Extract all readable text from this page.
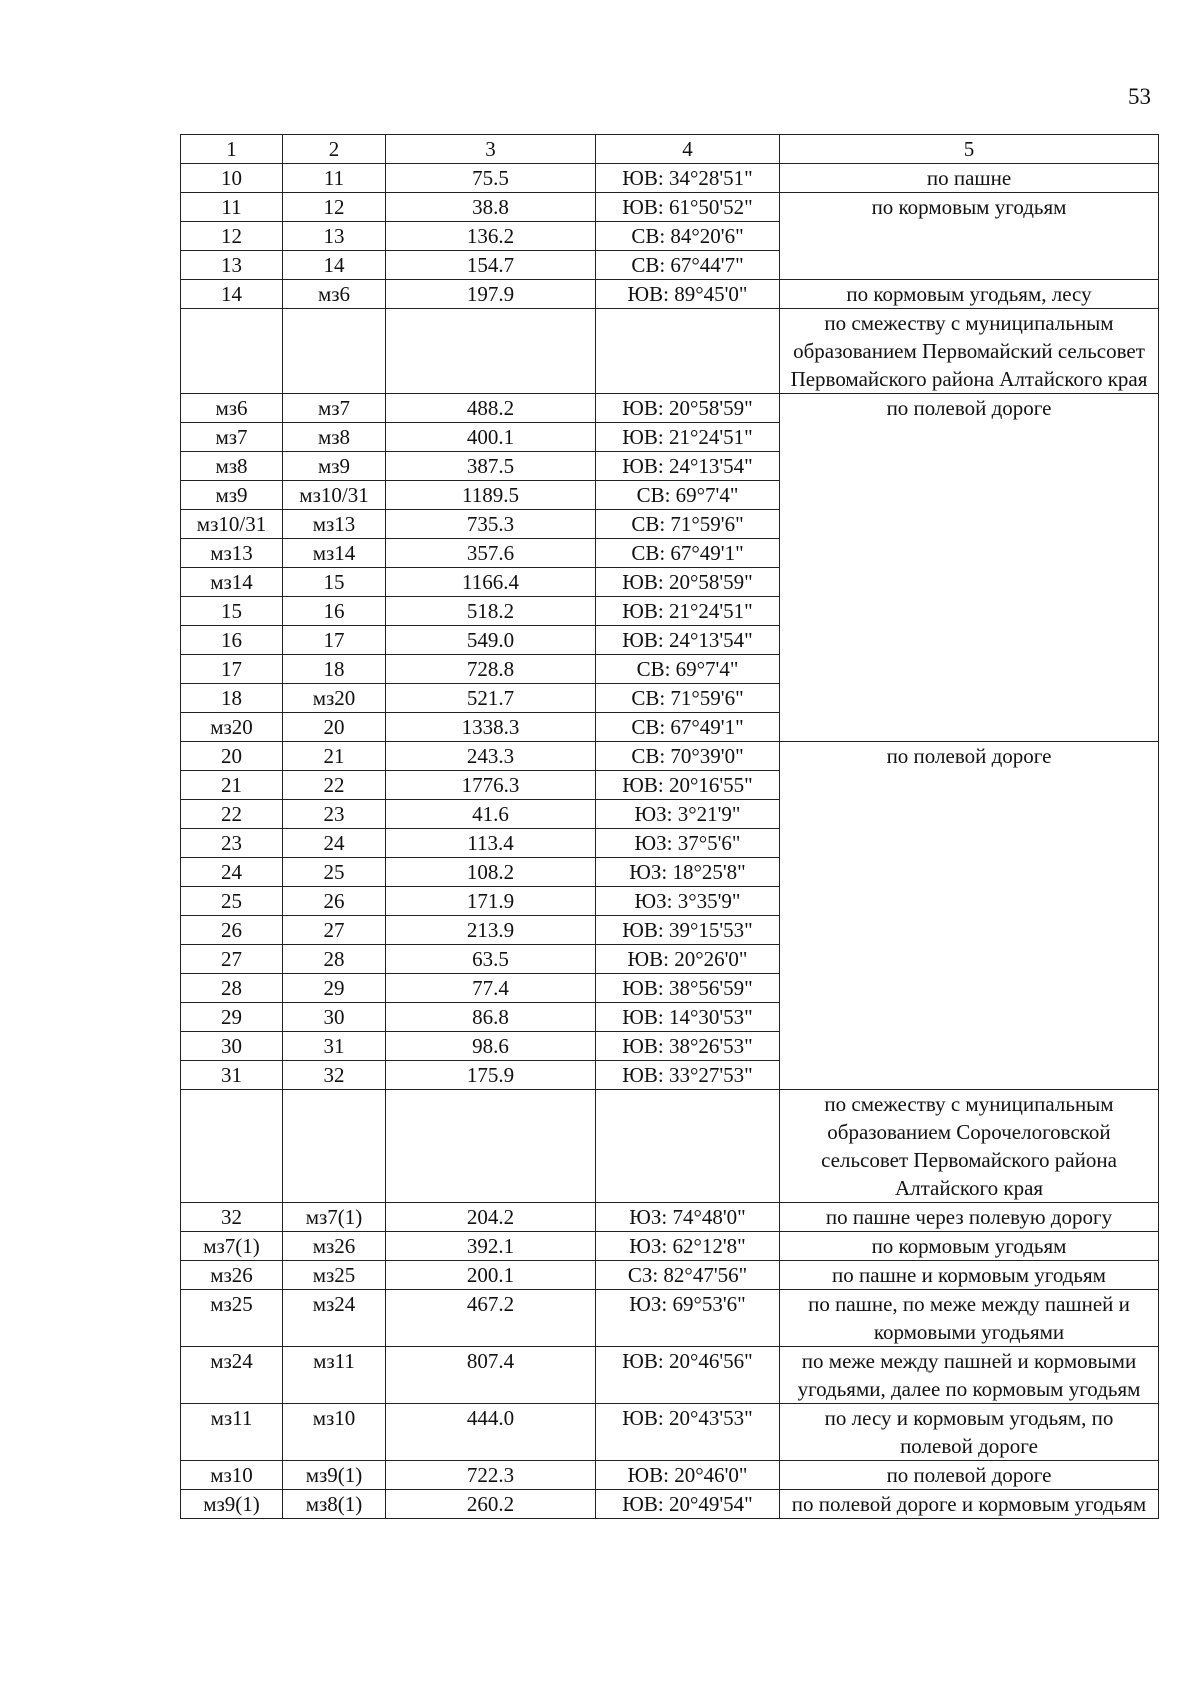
53
1	2	3	4	5
10	11	75.5	ЮВ: 34°28'51"	по пашне
11	12	38.8	ЮВ: 61°50'52"	по кормовым угодьям
12	13	136.2	СВ: 84°20'6"	
13	14	154.7	СВ: 67°44'7"	
14	мз6	197.9	ЮВ: 89°45'0"	по кормовым угодьям, лесу
				по смежеству с муниципальным образованием Первомайский сельсовет Первомайского района Алтайского края
мз6	мз7	488.2	ЮВ: 20°58'59"	по полевой дороге
мз7	мз8	400.1	ЮВ: 21°24'51"	
мз8	мз9	387.5	ЮВ: 24°13'54"	
мз9	мз10/31	1189.5	СВ: 69°7'4"	
мз10/31	мз13	735.3	СВ: 71°59'6"	
мз13	мз14	357.6	СВ: 67°49'1"	
мз14	15	1166.4	ЮВ: 20°58'59"	
15	16	518.2	ЮВ: 21°24'51"	
16	17	549.0	ЮВ: 24°13'54"	
17	18	728.8	СВ: 69°7'4"	
18	мз20	521.7	СВ: 71°59'6"	
мз20	20	1338.3	СВ: 67°49'1"	
20	21	243.3	СВ: 70°39'0"	по полевой дороге
21	22	1776.3	ЮВ: 20°16'55"	
22	23	41.6	ЮЗ: 3°21'9"	
23	24	113.4	ЮЗ: 37°5'6"	
24	25	108.2	ЮЗ: 18°25'8"	
25	26	171.9	ЮЗ: 3°35'9"	
26	27	213.9	ЮВ: 39°15'53"	
27	28	63.5	ЮВ: 20°26'0"	
28	29	77.4	ЮВ: 38°56'59"	
29	30	86.8	ЮВ: 14°30'53"	
30	31	98.6	ЮВ: 38°26'53"	
31	32	175.9	ЮВ: 33°27'53"	
				по смежеству с муниципальным образованием Сорочелоговской сельсовет Первомайского района Алтайского края
32	мз7(1)	204.2	ЮЗ: 74°48'0"	по пашне через полевую дорогу
мз7(1)	мз26	392.1	ЮЗ: 62°12'8"	по кормовым угодьям
мз26	мз25	200.1	СЗ: 82°47'56"	по пашне и кормовым угодьям
мз25	мз24	467.2	ЮЗ: 69°53'6"	по пашне, по меже между пашней и кормовыми угодьями
мз24	мз11	807.4	ЮВ: 20°46'56"	по меже между пашней и кормовыми угодьями, далее по кормовым угодьям
мз11	мз10	444.0	ЮВ: 20°43'53"	по лесу и кормовым угодьям, по полевой дороге
мз10	мз9(1)	722.3	ЮВ: 20°46'0"	по полевой дороге
мз9(1)	мз8(1)	260.2	ЮВ: 20°49'54"	по полевой дороге и кормовым угодьям
